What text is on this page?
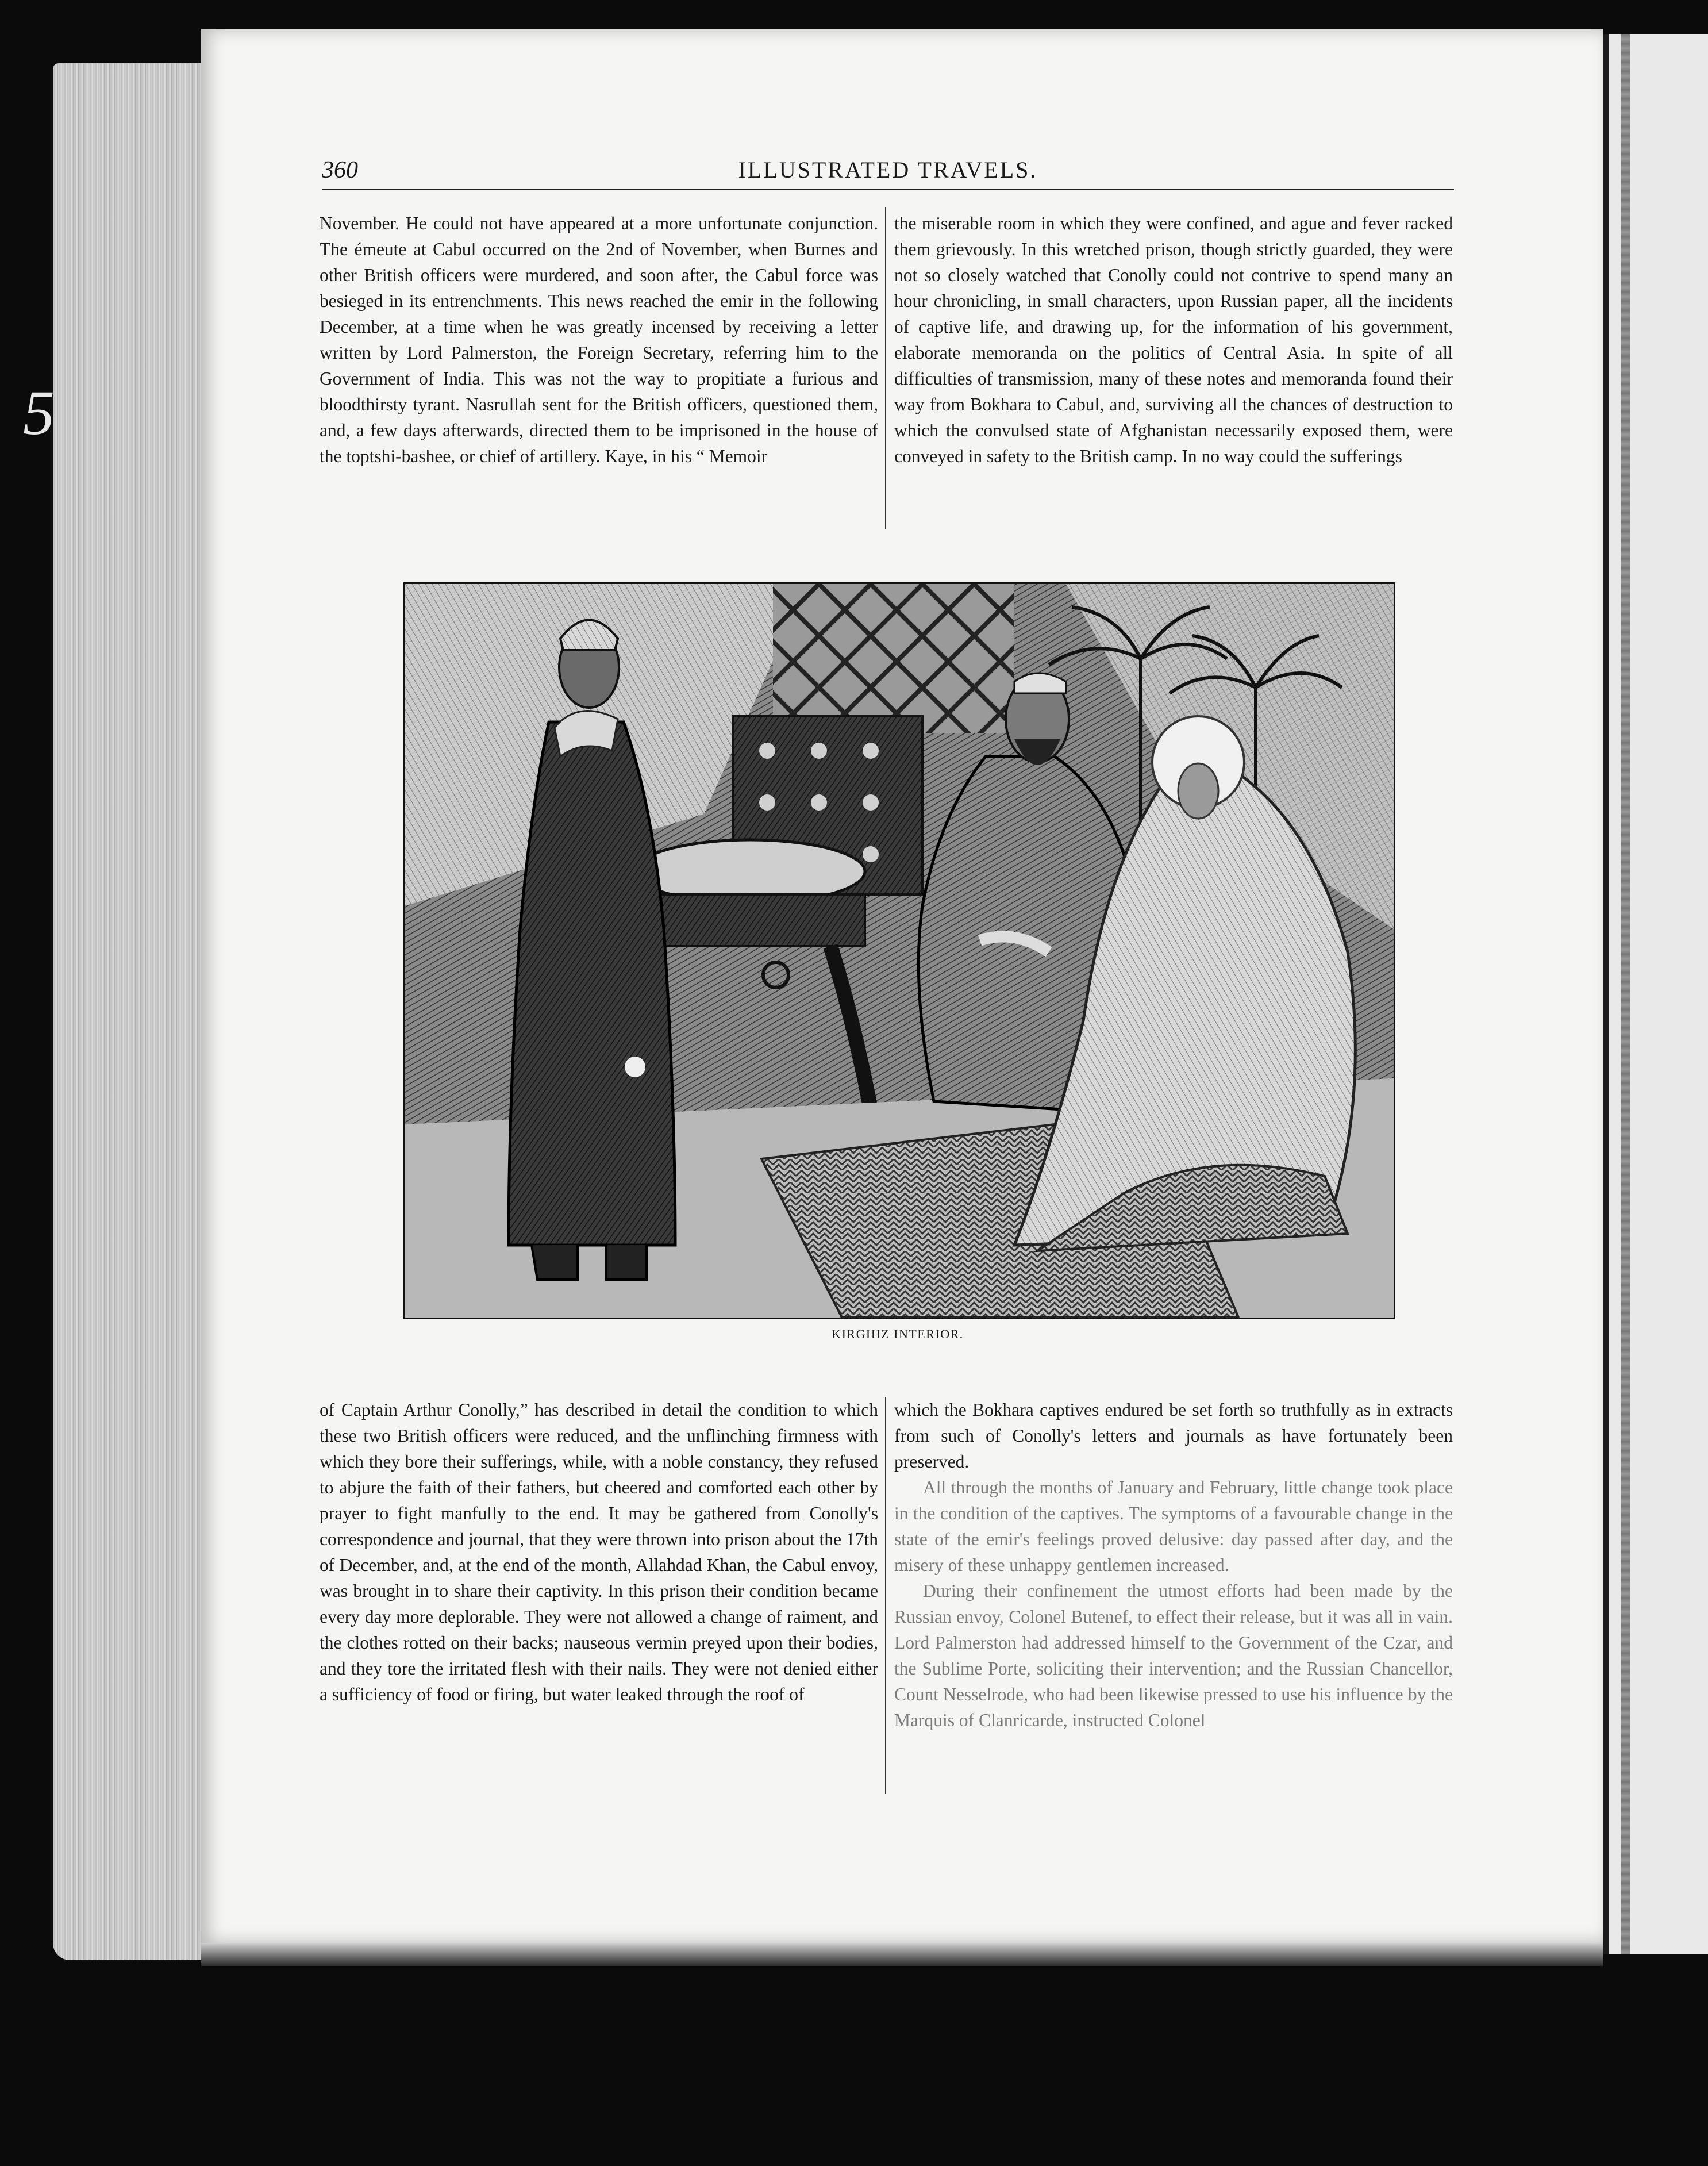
5
360	ILLUSTRATED TRAVELS.

November. He could not have appeared at a more unfortunate conjunction. The émeute at Cabul occurred on the 2nd of November, when Burnes and other British officers were murdered, and soon after, the Cabul force was besieged in its entrenchments. This news reached the emir in the following December, at a time when he was greatly incensed by receiving a letter written by Lord Palmerston, the Foreign Secretary, referring him to the Government of India. This was not the way to propitiate a furious and bloodthirsty tyrant. Nasrullah sent for the British officers, questioned them, and, a few days afterwards, directed them to be imprisoned in the house of the toptshi-bashee, or chief of artillery. Kaye, in his “ Memoir

the miserable room in which they were confined, and ague and fever racked them grievously. In this wretched prison, though strictly guarded, they were not so closely watched that Conolly could not contrive to spend many an hour chronicling, in small characters, upon Russian paper, all the incidents of captive life, and drawing up, for the information of his government, elaborate memoranda on the politics of Central Asia. In spite of all difficulties of transmission, many of these notes and memoranda found their way from Bokhara to Cabul, and, surviving all the chances of destruction to which the convulsed state of Afghanistan necessarily exposed them, were conveyed in safety to the British camp. In no way could the sufferings

KIRGHIZ INTERIOR.

of Captain Arthur Conolly,” has described in detail the condition to which these two British officers were reduced, and the unflinching firmness with which they bore their sufferings, while, with a noble constancy, they refused to abjure the faith of their fathers, but cheered and comforted each other by prayer to fight manfully to the end. It may be gathered from Conolly's correspondence and journal, that they were thrown into prison about the 17th of December, and, at the end of the month, Allahdad Khan, the Cabul envoy, was brought in to share their captivity. In this prison their condition became every day more deplorable. They were not allowed a change of raiment, and the clothes rotted on their backs; nauseous vermin preyed upon their bodies, and they tore the irritated flesh with their nails. They were not denied either a sufficiency of food or firing, but water leaked through the roof of

which the Bokhara captives endured be set forth so truthfully as in extracts from such of Conolly's letters and journals as have fortunately been preserved.

All through the months of January and February, little change took place in the condition of the captives. The symptoms of a favourable change in the state of the emir's feelings proved delusive: day passed after day, and the misery of these unhappy gentlemen increased.

During their confinement the utmost efforts had been made by the Russian envoy, Colonel Butenef, to effect their release, but it was all in vain. Lord Palmerston had addressed himself to the Government of the Czar, and the Sublime Porte, soliciting their intervention; and the Russian Chancellor, Count Nesselrode, who had been likewise pressed to use his influence by the Marquis of Clanricarde, instructed Colonel
